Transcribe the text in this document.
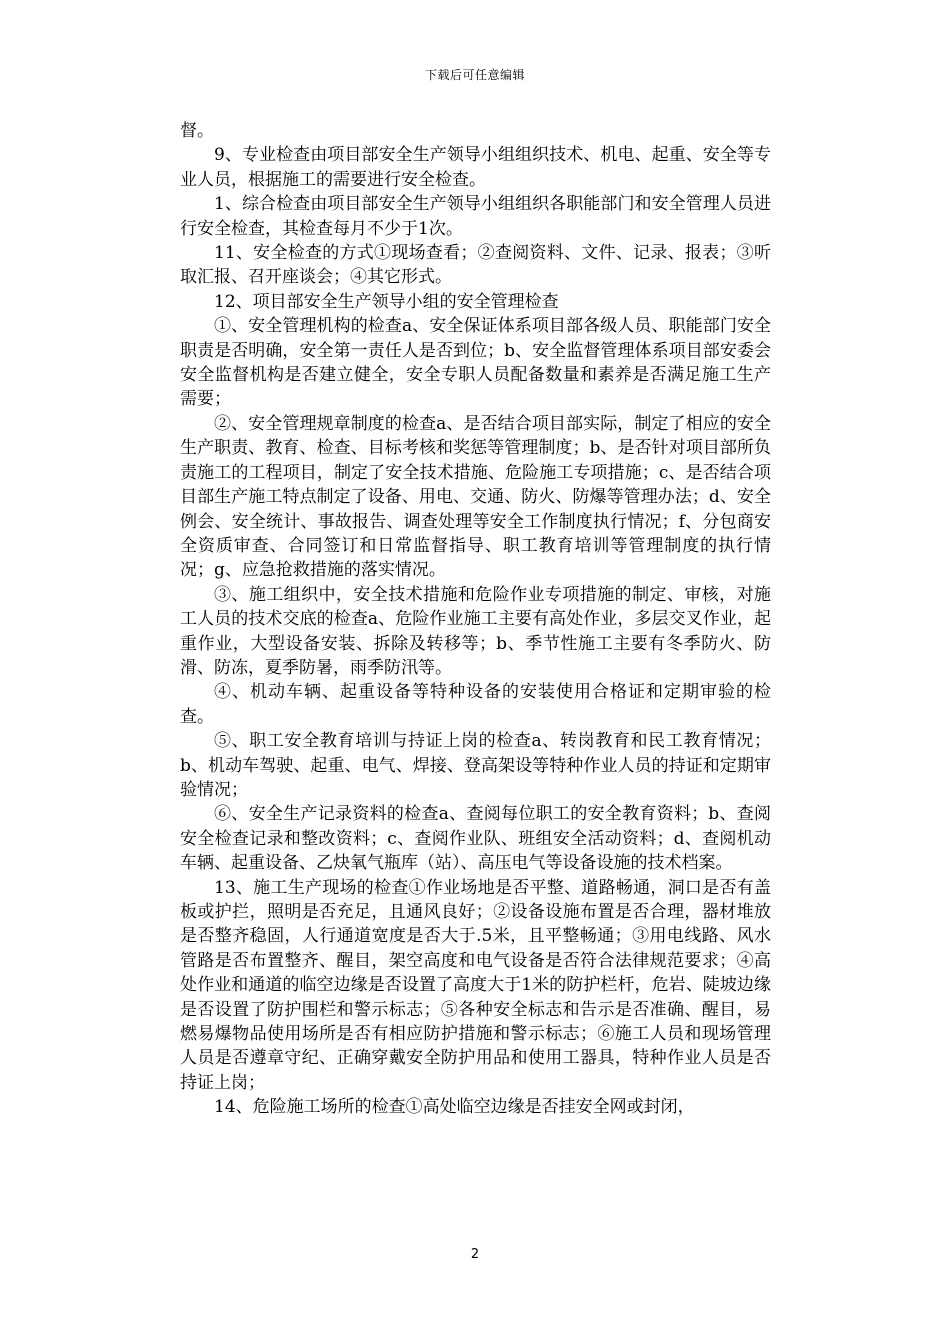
下载后可任意编辑

督。

9、专业检查由项目部安全生产领导小组组织技术、机电、起重、安全等专业人员，根据施工的需要进行安全检查。

1、综合检查由项目部安全生产领导小组组织各职能部门和安全管理人员进行安全检查，其检查每月不少于1次。

11、安全检查的方式①现场查看；②查阅资料、文件、记录、报表；③听取汇报、召开座谈会；④其它形式。

12、项目部安全生产领导小组的安全管理检查

①、安全管理机构的检查a、安全保证体系项目部各级人员、职能部门安全职责是否明确，安全第一责任人是否到位；b、安全监督管理体系项目部安委会安全监督机构是否建立健全，安全专职人员配备数量和素养是否满足施工生产需要；

②、安全管理规章制度的检查a、是否结合项目部实际，制定了相应的安全生产职责、教育、检查、目标考核和奖惩等管理制度；b、是否针对项目部所负责施工的工程项目，制定了安全技术措施、危险施工专项措施；c、是否结合项目部生产施工特点制定了设备、用电、交通、防火、防爆等管理办法；d、安全例会、安全统计、事故报告、调查处理等安全工作制度执行情况；f、分包商安全资质审查、合同签订和日常监督指导、职工教育培训等管理制度的执行情况；g、应急抢救措施的落实情况。

③、施工组织中，安全技术措施和危险作业专项措施的制定、审核，对施工人员的技术交底的检查a、危险作业施工主要有高处作业，多层交叉作业，起重作业，大型设备安装、拆除及转移等；b、季节性施工主要有冬季防火、防滑、防冻，夏季防暑，雨季防汛等。

④、机动车辆、起重设备等特种设备的安装使用合格证和定期审验的检查。

⑤、职工安全教育培训与持证上岗的检查a、转岗教育和民工教育情况；b、机动车驾驶、起重、电气、焊接、登高架设等特种作业人员的持证和定期审验情况；

⑥、安全生产记录资料的检查a、查阅每位职工的安全教育资料；b、查阅安全检查记录和整改资料；c、查阅作业队、班组安全活动资料；d、查阅机动车辆、起重设备、乙炔氧气瓶库（站）、高压电气等设备设施的技术档案。

13、施工生产现场的检查①作业场地是否平整、道路畅通，洞口是否有盖板或护拦，照明是否充足，且通风良好；②设备设施布置是否合理，器材堆放是否整齐稳固，人行通道宽度是否大于.5米，且平整畅通；③用电线路、风水管路是否布置整齐、醒目，架空高度和电气设备是否符合法律规范要求；④高处作业和通道的临空边缘是否设置了高度大于1米的防护栏杆，危岩、陡坡边缘是否设置了防护围栏和警示标志；⑤各种安全标志和告示是否准确、醒目，易燃易爆物品使用场所是否有相应防护措施和警示标志；⑥施工人员和现场管理人员是否遵章守纪、正确穿戴安全防护用品和使用工器具，特种作业人员是否持证上岗；

14、危险施工场所的检查①高处临空边缘是否挂安全网或封闭，

2
